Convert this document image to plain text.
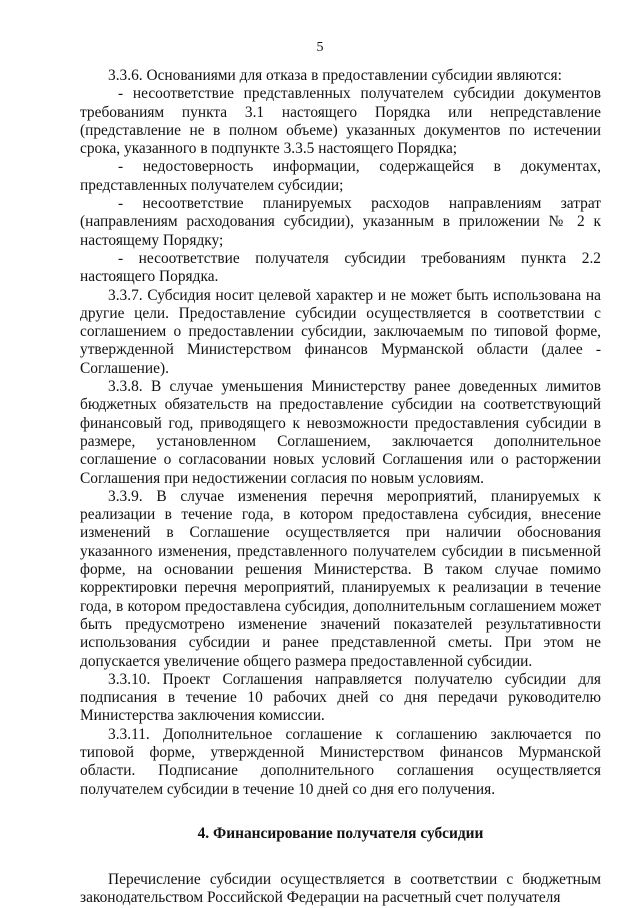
5

3.3.6. Основаниями для отказа в предоставлении субсидии являются:

- несоответствие представленных получателем субсидии документов требованиям пункта 3.1 настоящего Порядка или непредставление (представление не в полном объеме) указанных документов по истечении срока, указанного в подпункте 3.3.5 настоящего Порядка;

- недостоверность информации, содержащейся в документах, представленных получателем субсидии;

- несоответствие планируемых расходов направлениям затрат (направлениям расходования субсидии), указанным в приложении № 2 к настоящему Порядку;

- несоответствие получателя субсидии требованиям пункта 2.2 настоящего Порядка.

3.3.7. Субсидия носит целевой характер и не может быть использована на другие цели. Предоставление субсидии осуществляется в соответствии с соглашением о предоставлении субсидии, заключаемым по типовой форме, утвержденной Министерством финансов Мурманской области (далее - Соглашение).

3.3.8. В случае уменьшения Министерству ранее доведенных лимитов бюджетных обязательств на предоставление субсидии на соответствующий финансовый год, приводящего к невозможности предоставления субсидии в размере, установленном Соглашением, заключается дополнительное соглашение о согласовании новых условий Соглашения или о расторжении Соглашения при недостижении согласия по новым условиям.

3.3.9. В случае изменения перечня мероприятий, планируемых к реализации в течение года, в котором предоставлена субсидия, внесение изменений в Соглашение осуществляется при наличии обоснования указанного изменения, представленного получателем субсидии в письменной форме, на основании решения Министерства. В таком случае помимо корректировки перечня мероприятий, планируемых к реализации в течение года, в котором предоставлена субсидия, дополнительным соглашением может быть предусмотрено изменение значений показателей результативности использования субсидии и ранее представленной сметы. При этом не допускается увеличение общего размера предоставленной субсидии.

3.3.10. Проект Соглашения направляется получателю субсидии для подписания в течение 10 рабочих дней со дня передачи руководителю Министерства заключения комиссии.

3.3.11. Дополнительное соглашение к соглашению заключается по типовой форме, утвержденной Министерством финансов Мурманской области. Подписание дополнительного соглашения осуществляется получателем субсидии в течение 10 дней со дня его получения.

4. Финансирование получателя субсидии

Перечисление субсидии осуществляется в соответствии с бюджетным законодательством Российской Федерации на расчетный счет получателя
